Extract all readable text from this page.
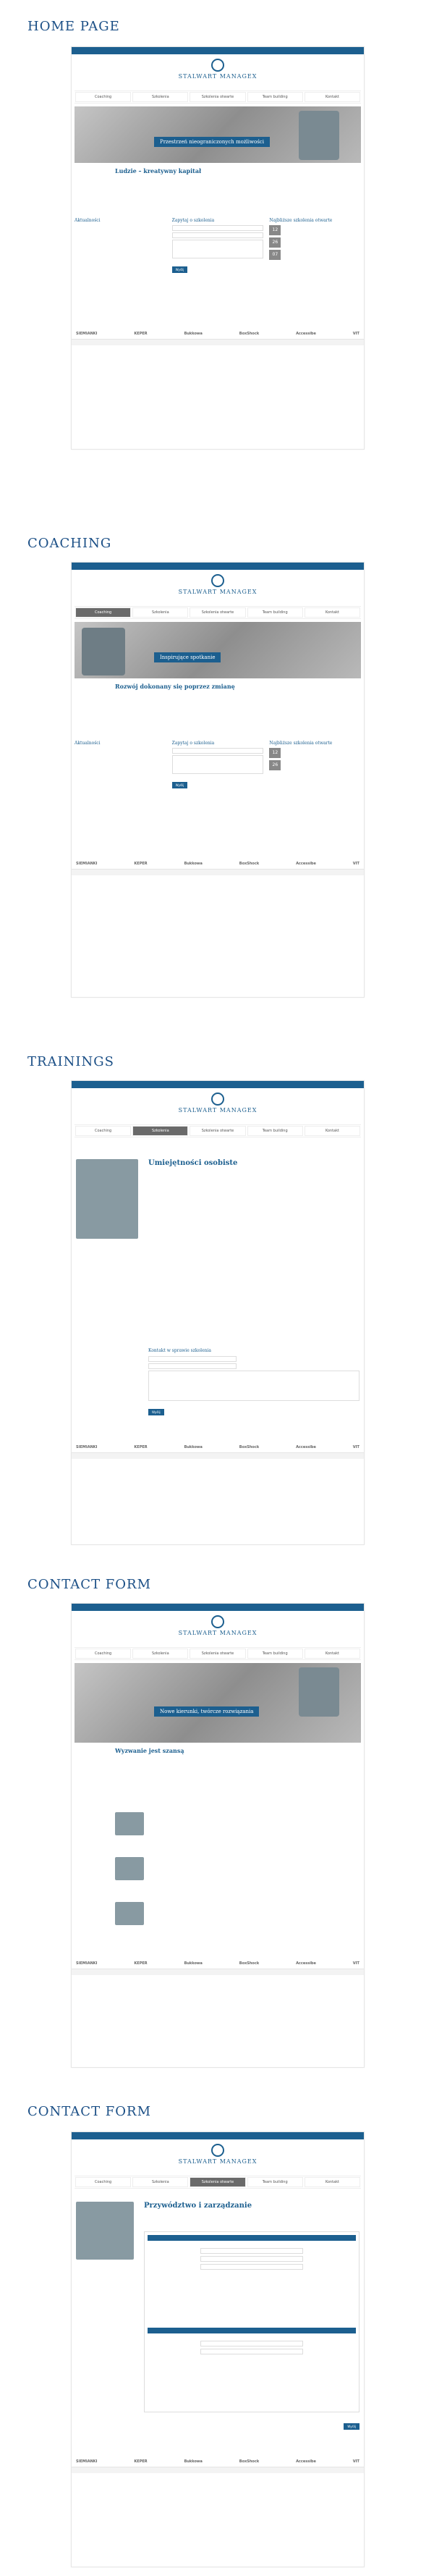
HOME PAGE
STALWART MANAGEX
Coaching	Szkolenia	Szkolenia otwarte	Team building	Kontakt
Przestrzeń nieograniczonych możliwości
Ludzie – kreatywny kapitał
Aktualności	Zapytaj o szkolenia
Wyślij
Najbliższe szkolenia otwarte
12
26
07
SIEMIANKI	KEPER	Bukkowa	BoxShock	Accessibe	VIT
COACHING
STALWART MANAGEX
Coaching	Szkolenia	Szkolenia otwarte	Team building	Kontakt
Inspirujące spotkanie
Rozwój dokonany się poprzez zmianę
Aktualności	Zapytaj o szkolenia
Wyślij
Najbliższe szkolenia otwarte
12
26
SIEMIANKI	KEPER	Bukkowa	BoxShock	Accessibe	VIT
TRAININGS
STALWART MANAGEX
Coaching	Szkolenia	Szkolenia otwarte	Team building	Kontakt
Umiejętności osobiste
Kontakt w sprawie szkolenia
Wyślij
SIEMIANKI	KEPER	Bukkowa	BoxShock	Accessibe	VIT
CONTACT FORM
STALWART MANAGEX
Coaching	Szkolenia	Szkolenia otwarte	Team building	Kontakt
Nowe kierunki, twórcze rozwiązania
Wyzwanie jest szansą
SIEMIANKI	KEPER	Bukkowa	BoxShock	Accessibe	VIT
CONTACT FORM
STALWART MANAGEX
Coaching	Szkolenia	Szkolenia otwarte	Team building	Kontakt
Przywództwo i zarządzanie
Wyślij
SIEMIANKI	KEPER	Bukkowa	BoxShock	Accessibe	VIT
